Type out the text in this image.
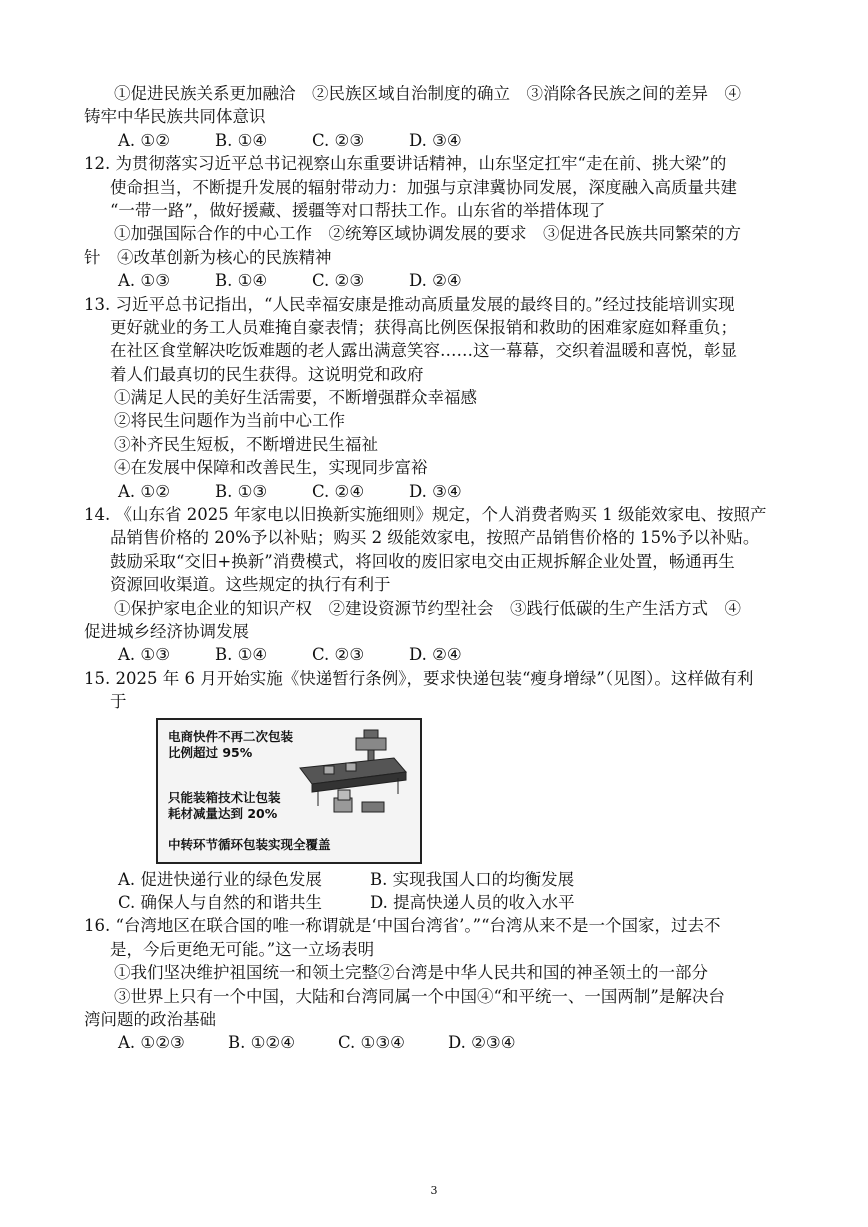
①促进民族关系更加融洽　②民族区域自治制度的确立　③消除各民族之间的差异　④
铸牢中华民族共同体意识
A. ①②	B. ①④	C. ②③	D. ③④
12. 为贯彻落实习近平总书记视察山东重要讲话精神，山东坚定扛牢“走在前、挑大梁”的
使命担当，不断提升发展的辐射带动力：加强与京津冀协同发展，深度融入高质量共建
“一带一路”，做好援藏、援疆等对口帮扶工作。山东省的举措体现了
①加强国际合作的中心工作　②统筹区域协调发展的要求　③促进各民族共同繁荣的方
针　④改革创新为核心的民族精神
A. ①③	B. ①④	C. ②③	D. ②④
13. 习近平总书记指出，“人民幸福安康是推动高质量发展的最终目的。”经过技能培训实现
更好就业的务工人员难掩自豪表情；获得高比例医保报销和救助的困难家庭如释重负；
在社区食堂解决吃饭难题的老人露出满意笑容……这一幕幕，交织着温暖和喜悦，彰显
着人们最真切的民生获得。这说明党和政府
①满足人民的美好生活需要，不断增强群众幸福感
②将民生问题作为当前中心工作
③补齐民生短板，不断增进民生福祉
④在发展中保障和改善民生，实现同步富裕
A. ①②	B. ①③	C. ②④	D. ③④
14. 《山东省 2025 年家电以旧换新实施细则》规定，个人消费者购买 1 级能效家电、按照产
品销售价格的 20%予以补贴；购买 2 级能效家电，按照产品销售价格的 15%予以补贴。
鼓励采取“交旧+换新”消费模式，将回收的废旧家电交由正规拆解企业处置，畅通再生
资源回收渠道。这些规定的执行有利于
①保护家电企业的知识产权　②建设资源节约型社会　③践行低碳的生产生活方式　④
促进城乡经济协调发展
A. ①③	B. ①④	C. ②③	D. ②④
15. 2025 年 6 月开始实施《快递暂行条例》，要求快递包装“瘦身增绿”（见图）。这样做有利
于
电商快件不再二次包装
比例超过 95%
只能装箱技术让包装
耗材减量达到 20%
中转环节循环包装实现全覆盖
A. 促进快递行业的绿色发展	B. 实现我国人口的均衡发展
C. 确保人与自然的和谐共生	D. 提高快递人员的收入水平
16. “台湾地区在联合国的唯一称谓就是‘中国台湾省’。”“台湾从来不是一个国家，过去不
是，今后更绝无可能。”这一立场表明
①我们坚决维护祖国统一和领土完整②台湾是中华人民共和国的神圣领土的一部分
③世界上只有一个中国，大陆和台湾同属一个中国④“和平统一、一国两制”是解决台
湾问题的政治基础
A. ①②③	B. ①②④	C. ①③④	D. ②③④
3
